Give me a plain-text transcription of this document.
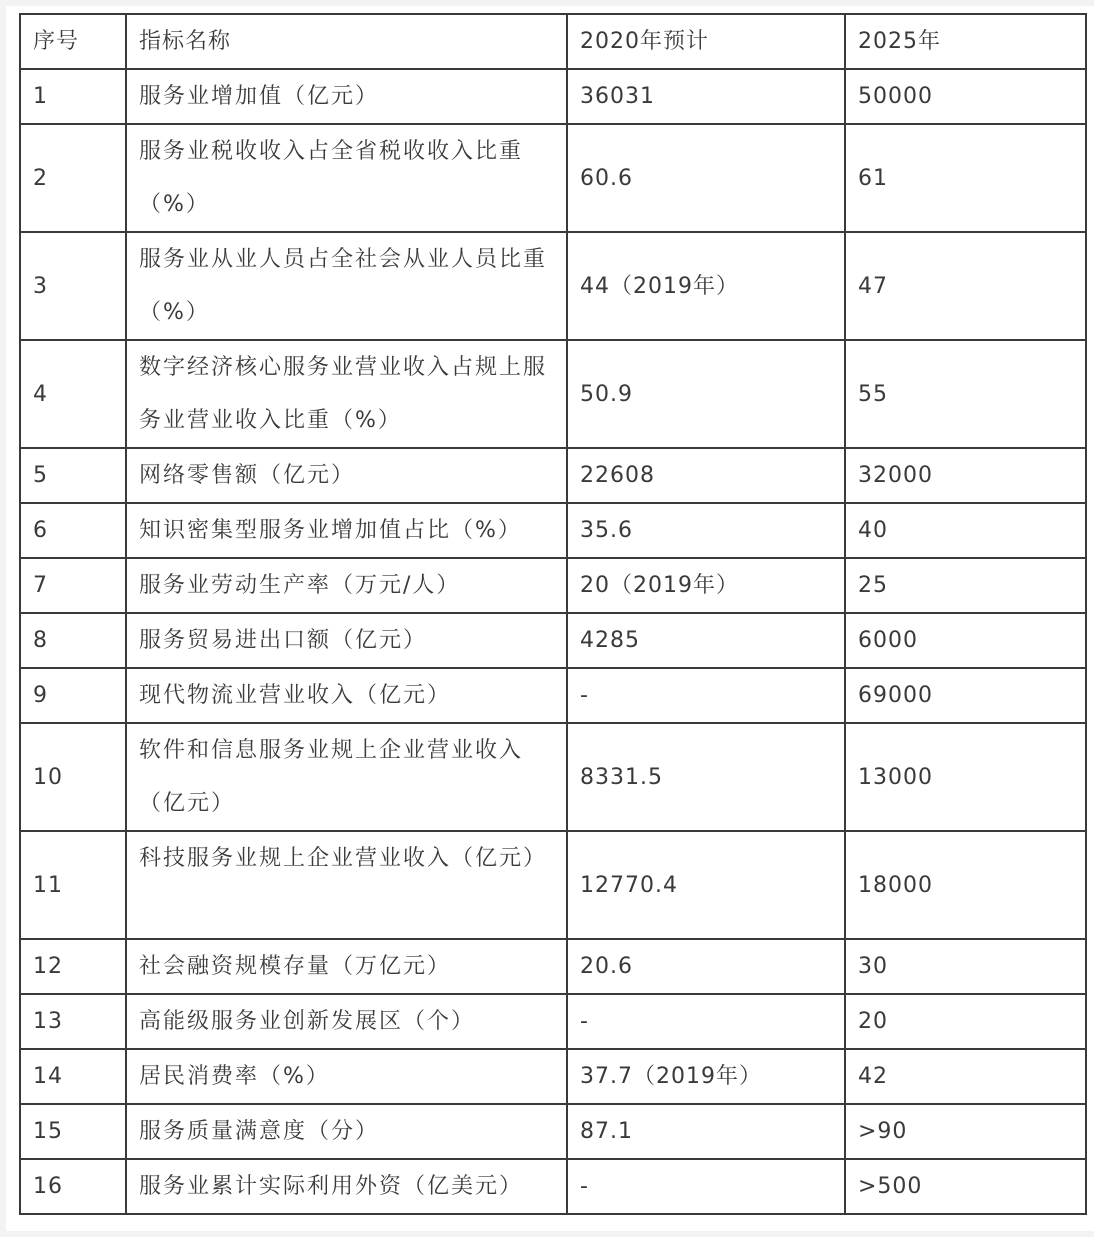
序号	指标名称	2020年预计	2025年
1	服务业增加值（亿元）	36031	50000
2	服务业税收收入占全省税收收入比重（%）	60.6	61
3	服务业从业人员占全社会从业人员比重（%）	44（2019年）	47
4	数字经济核心服务业营业收入占规上服务业营业收入比重（%）	50.9	55
5	网络零售额（亿元）	22608	32000
6	知识密集型服务业增加值占比（%）	35.6	40
7	服务业劳动生产率（万元/人）	20（2019年）	25
8	服务贸易进出口额（亿元）	4285	6000
9	现代物流业营业收入（亿元）	-	69000
10	软件和信息服务业规上企业营业收入（亿元）	8331.5	13000
11	科技服务业规上企业营业收入（亿元）	12770.4	18000
12	社会融资规模存量（万亿元）	20.6	30
13	高能级服务业创新发展区（个）	-	20
14	居民消费率（%）	37.7（2019年）	42
15	服务质量满意度（分）	87.1	>90
16	服务业累计实际利用外资（亿美元）	-	>500
